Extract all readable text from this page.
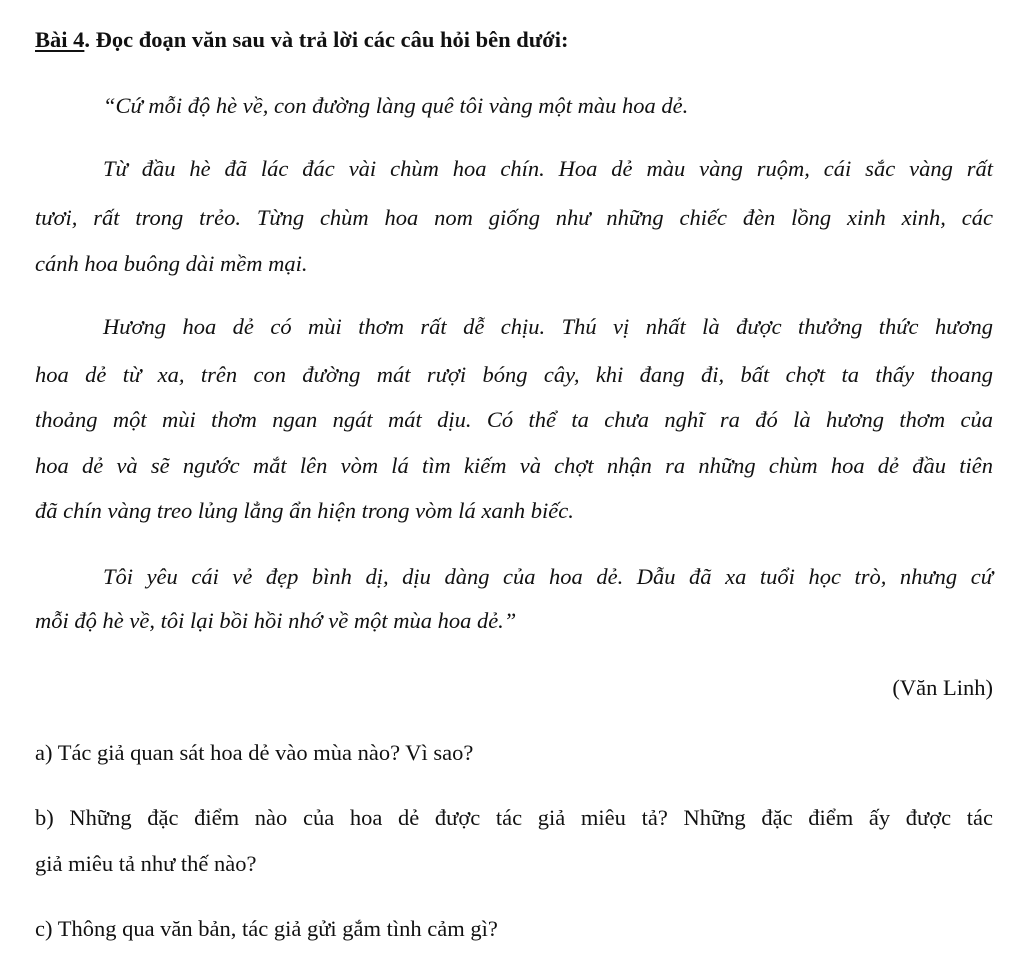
Bài 4. Đọc đoạn văn sau và trả lời các câu hỏi bên dưới:

“Cứ mỗi độ hè về, con đường làng quê tôi vàng một màu hoa dẻ.

Từ đầu hè đã lác đác vài chùm hoa chín. Hoa dẻ màu vàng ruộm, cái sắc vàng rất

tươi, rất trong trẻo. Từng chùm hoa nom giống như những chiếc đèn lồng xinh xinh, các

cánh hoa buông dài mềm mại.

Hương hoa dẻ có mùi thơm rất dễ chịu. Thú vị nhất là được thưởng thức hương

hoa dẻ từ xa, trên con đường mát rượi bóng cây, khi đang đi, bất chợt ta thấy thoang

thoảng một mùi thơm ngan ngát mát dịu. Có thể ta chưa nghĩ ra đó là hương thơm của

hoa dẻ và sẽ ngước mắt lên vòm lá tìm kiếm và chợt nhận ra những chùm hoa dẻ đầu tiên

đã chín vàng treo lủng lẳng ẩn hiện trong vòm lá xanh biếc.

Tôi yêu cái vẻ đẹp bình dị, dịu dàng của hoa dẻ. Dẫu đã xa tuổi học trò, nhưng cứ

mỗi độ hè về, tôi lại bồi hồi nhớ về một mùa hoa dẻ.”

(Văn Linh)

a) Tác giả quan sát hoa dẻ vào mùa nào? Vì sao?

b) Những đặc điểm nào của hoa dẻ được tác giả miêu tả? Những đặc điểm ấy được tác

giả miêu tả như thế nào?

c) Thông qua văn bản, tác giả gửi gắm tình cảm gì?
